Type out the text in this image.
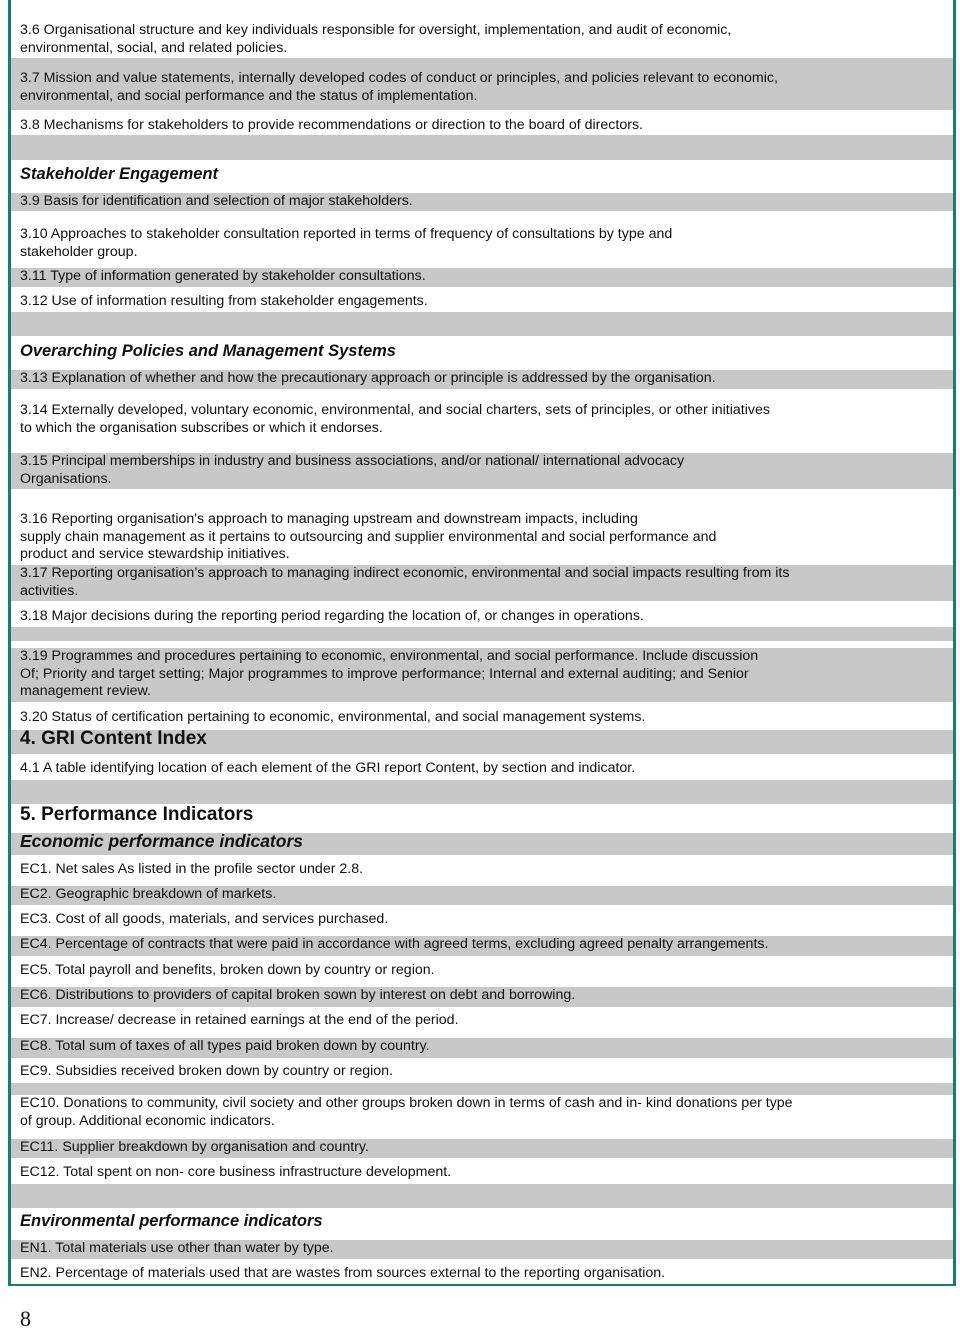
3.6 Organisational structure and key individuals responsible for oversight, implementation, and audit of economic,
environmental, social, and related policies.
3.7 Mission and value statements, internally developed codes of conduct or principles, and policies relevant to economic,
environmental, and social performance and the status of implementation.
3.8 Mechanisms for stakeholders to provide recommendations or direction to the board of directors.
Stakeholder Engagement
3.9 Basis for identification and selection of major stakeholders.
3.10 Approaches to stakeholder consultation reported in terms of frequency of consultations by type and
stakeholder group.
3.11 Type of information generated by stakeholder consultations.
3.12 Use of information resulting from stakeholder engagements.
Overarching Policies and Management Systems
3.13 Explanation of whether and how the precautionary approach or principle is addressed by the organisation.
3.14 Externally developed, voluntary economic, environmental, and social charters, sets of principles, or other initiatives
to which the organisation subscribes or which it endorses.
3.15 Principal memberships in industry and business associations, and/or national/ international advocacy
Organisations.
3.16 Reporting organisation's approach to managing upstream and downstream impacts, including
supply chain management as it pertains to outsourcing and supplier environmental and social performance and
product and service stewardship initiatives.
3.17 Reporting organisation’s approach to managing indirect economic, environmental and social impacts resulting from its
activities.
3.18 Major decisions during the reporting period regarding the location of, or changes in operations.
3.19 Programmes and procedures pertaining to economic, environmental, and social performance. Include discussion
Of; Priority and target setting; Major programmes to improve performance; Internal and external auditing; and Senior
management review.
3.20 Status of certification pertaining to economic, environmental, and social management systems.
4. GRI Content Index
4.1 A table identifying location of each element of the GRI report Content, by section and indicator.
5. Performance Indicators
Economic performance indicators
EC1. Net sales As listed in the profile sector under 2.8.
EC2. Geographic breakdown of markets.
EC3. Cost of all goods, materials, and services purchased.
EC4. Percentage of contracts that were paid in accordance with agreed terms, excluding agreed penalty arrangements.
EC5. Total payroll and benefits, broken down by country or region.
EC6. Distributions to providers of capital broken sown by interest on debt and borrowing.
EC7. Increase/ decrease in retained earnings at the end of the period.
EC8. Total sum of taxes of all types paid broken down by country.
EC9. Subsidies received broken down by country or region.
EC10. Donations to community, civil society and other groups broken down in terms of cash and in- kind donations per type
of group. Additional economic indicators.
EC11. Supplier breakdown by organisation and country.
EC12. Total spent on non- core business infrastructure development.
Environmental performance indicators
EN1. Total materials use other than water by type.
EN2. Percentage of materials used that are wastes from sources external to the reporting organisation.
8
